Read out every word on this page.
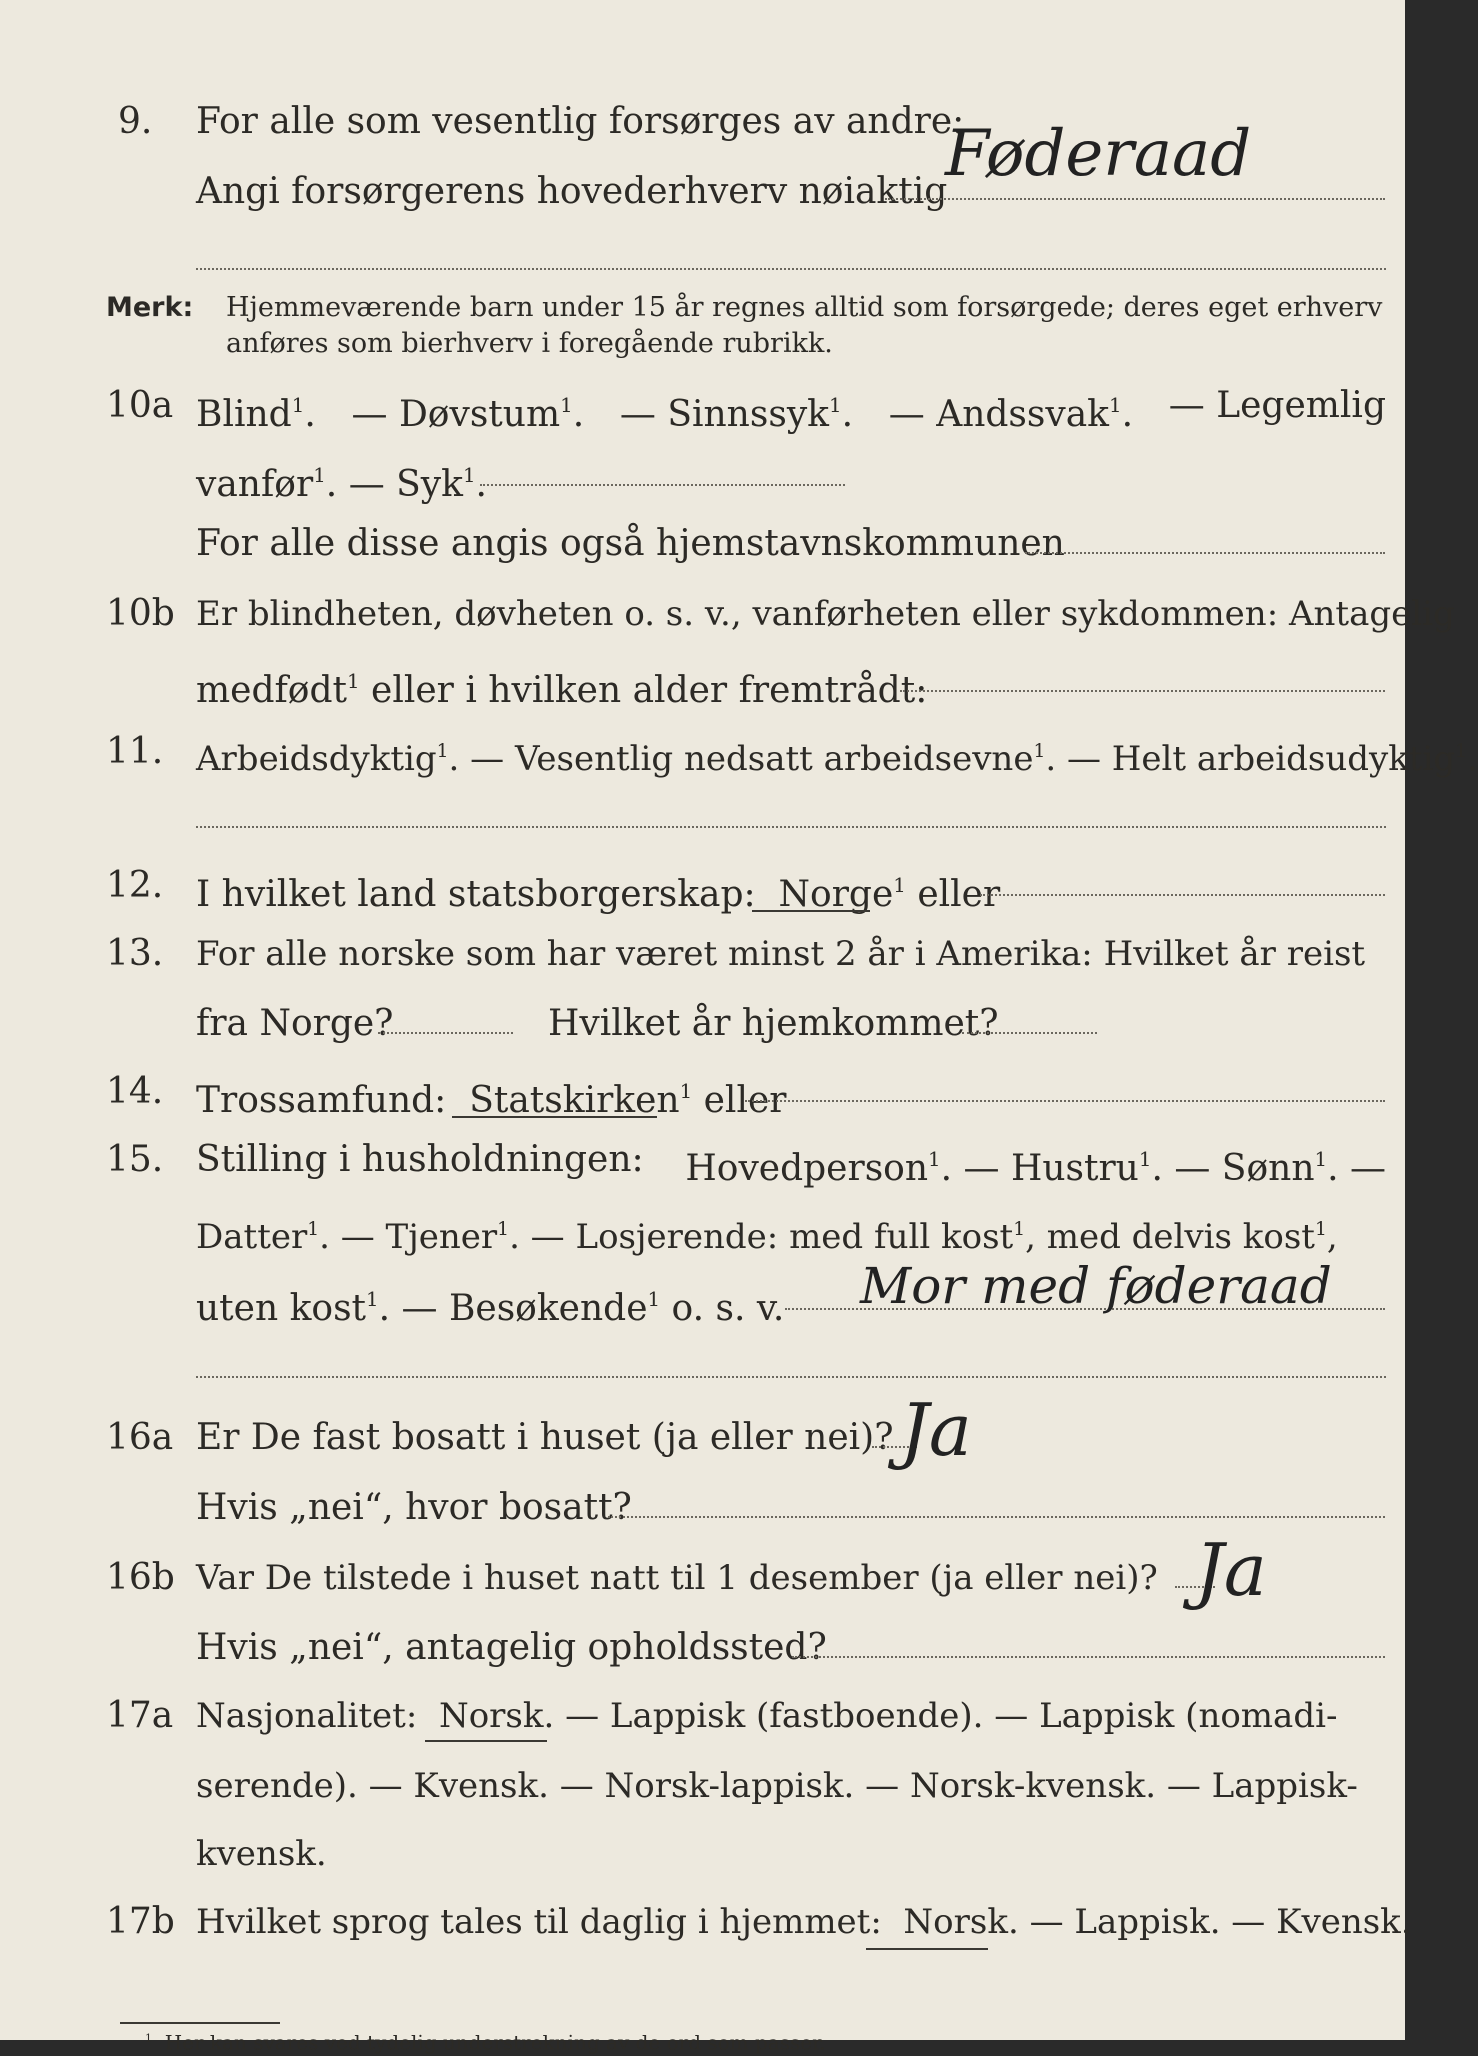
9. For alle som vesentlig forsørges av andre:
Angi forsørgerens hovederhverv nøiaktig
Føderaad
Merk: Hjemmeværende barn under 15 år regnes alltid som forsørgede; deres eget erhverv
anføres som bierhverv i foregående rubrikk.
10a Blind$^1$. — Døvstum$^1$. — Sinnssyk$^1$. — Andssvak$^1$. — Legemlig
vanfør$^1$. — Syk$^1$.
For alle disse angis også hjemstavnskommunen
10b Er blindheten, døvheten o. s. v., vanførheten eller sykdommen: Antagelig
medfødt$^1$ eller i hvilken alder fremtrådt:
11. Arbeidsdyktig$^1$. — Vesentlig nedsatt arbeidsevne$^1$. — Helt arbeidsudyktig$^1$.
12. I hvilket land statsborgerskap: Norge$^1$ eller
13. For alle norske som har været minst 2 år i Amerika: Hvilket år reist
fra Norge?	Hvilket år hjemkommet?
14. Trossamfund: Statskirken$^1$ eller
15. Stilling i husholdningen: Hovedperson$^1$. — Hustru$^1$. — Sønn$^1$. —
Datter$^1$. — Tjener$^1$. — Losjerende: med full kost$^1$, med delvis kost$^1$,
uten kost$^1$. — Besøkende$^1$ o. s. v. Mor med føderaad
16a Er De fast bosatt i huset (ja eller nei)? Ja
Hvis „nei“, hvor bosatt?
16b Var De tilstede i huset natt til 1 desember (ja eller nei)? Ja
Hvis „nei“, antagelig opholdssted?
17a Nasjonalitet: Norsk. — Lappisk (fastboende). — Lappisk (nomadi-
serende). — Kvensk. — Norsk-lappisk. — Norsk-kvensk. — Lappisk-
kvensk.
17b Hvilket sprog tales til daglig i hjemmet: Norsk. — Lappisk. — Kvensk.
$^1$ Her kan svares ved tydelig understrekning av de ord som passer.
